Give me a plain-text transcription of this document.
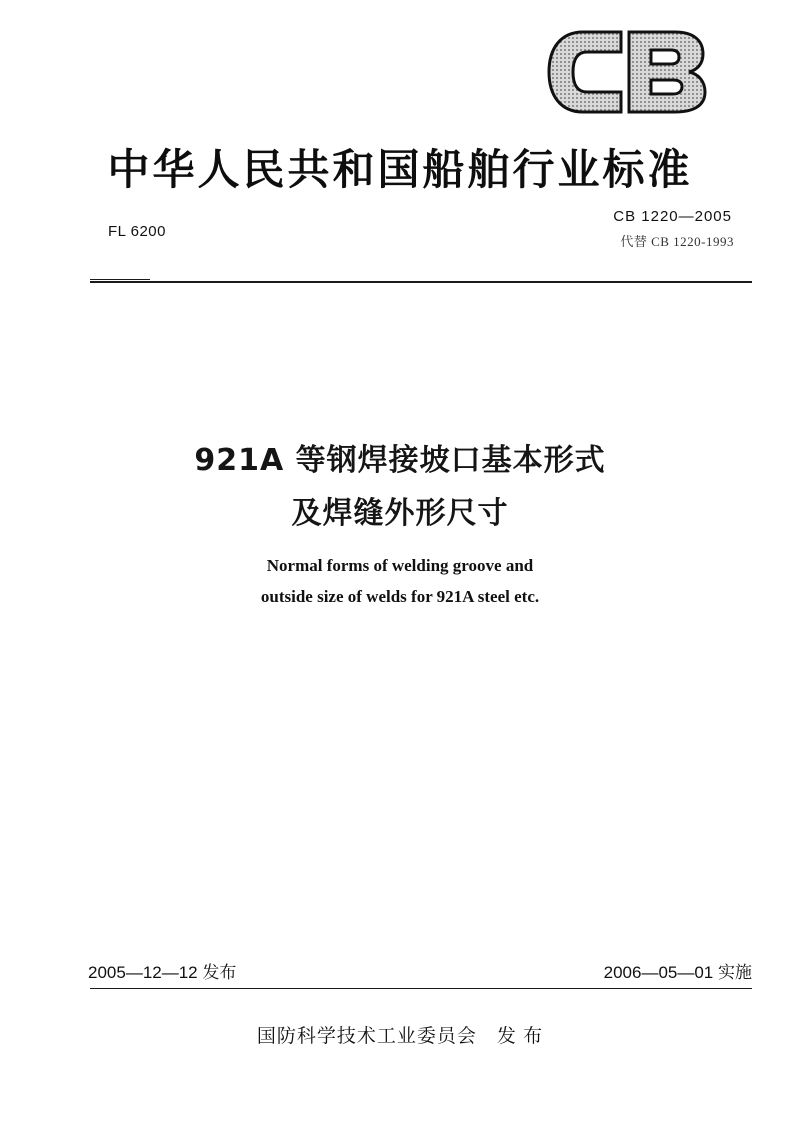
中华人民共和国船舶行业标准
FL 6200
CB 1220—2005
代替 CB 1220-1993
921A 等钢焊接坡口基本形式
及焊缝外形尺寸
Normal forms of welding groove and
outside size of welds for 921A steel etc.
2005—12—12 发布	2006—05—01 实施
国防科学技术工业委员会　发 布
